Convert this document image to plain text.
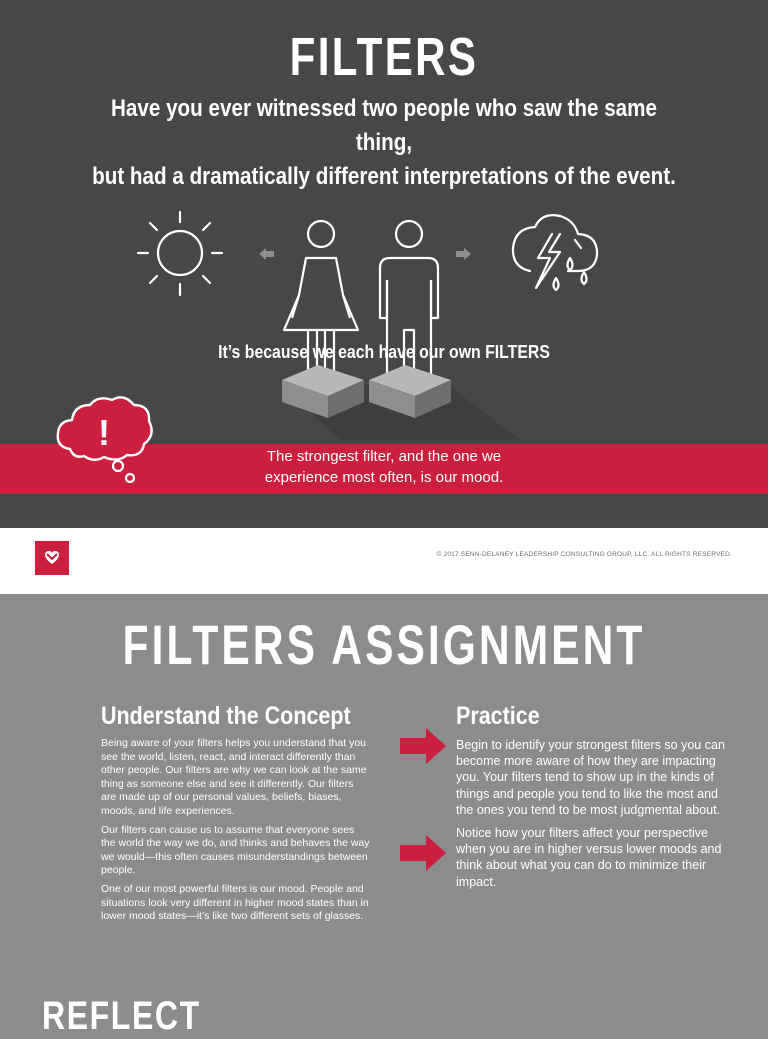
FILTERS
Have you ever witnessed two people who saw the same thing,
but had a dramatically different interpretations of the event.
It’s because we each have our own FILTERS
The strongest filter, and the one we
experience most often, is our mood.
!
© 2017 SENN-DELANEY LEADERSHIP CONSULTING GROUP, LLC. ALL RIGHTS RESERVED.
FILTERS ASSIGNMENT
Understand the Concept

Being aware of your filters helps you understand that you see the world, listen, react, and interact differently than other people. Our filters are why we can look at the same thing as someone else and see it differently. Our filters are made up of our personal values, beliefs, biases, moods, and life experiences.

Our filters can cause us to assume that everyone sees the world the way we do, and thinks and behaves the way we would—this often causes misunderstandings between people.

One of our most powerful filters is our mood. People and situations look very different in higher mood states than in lower mood states—it’s like two different sets of glasses.

Practice

Begin to identify your strongest filters so you can become more aware of how they are impacting you. Your filters tend to show up in the kinds of things and people you tend to like the most and the ones you tend to be most judgmental about.

Notice how your filters affect your perspective when you are in higher versus lower moods and think about what you can do to minimize their impact.

REFLECT
